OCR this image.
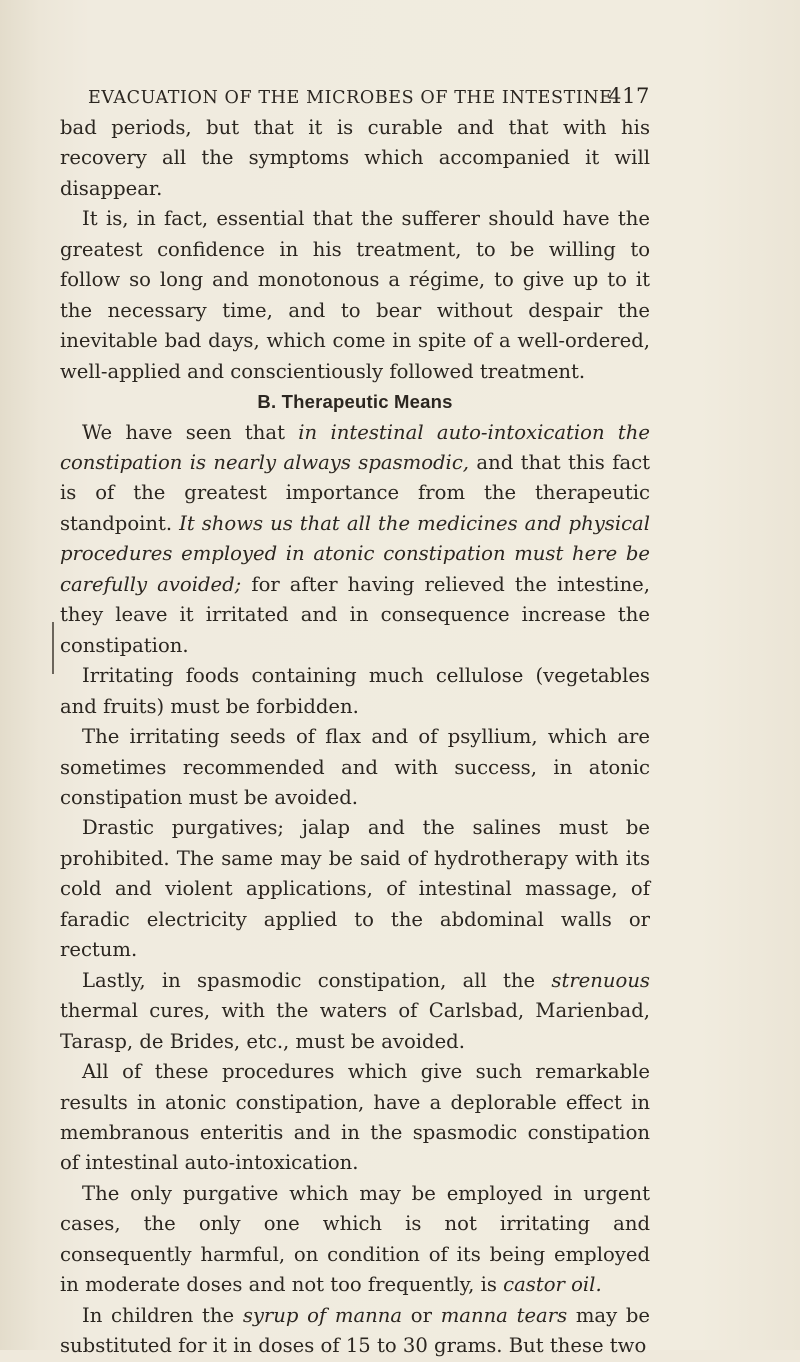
EVACUATION OF THE MICROBES OF THE INTESTINE
417

bad periods, but that it is curable and that with his recovery all the symptoms which accompanied it will disappear.

It is, in fact, essential that the sufferer should have the greatest confidence in his treatment, to be willing to follow so long and monotonous a régime, to give up to it the necessary time, and to bear without despair the inevitable bad days, which come in spite of a well-ordered, well-applied and conscientiously followed treatment.

B. Therapeutic Means

We have seen that in intestinal auto-intoxication the constipation is nearly always spasmodic, and that this fact is of the greatest importance from the therapeutic standpoint. It shows us that all the medicines and physical procedures employed in atonic constipation must here be carefully avoided; for after having relieved the intestine, they leave it irritated and in consequence increase the constipation.

Irritating foods containing much cellulose (vegetables and fruits) must be forbidden.

The irritating seeds of flax and of psyllium, which are sometimes recommended and with success, in atonic constipation must be avoided.

Drastic purgatives; jalap and the salines must be prohibited. The same may be said of hydrotherapy with its cold and violent applications, of intestinal massage, of faradic electricity applied to the abdominal walls or rectum.

Lastly, in spasmodic constipation, all the strenuous thermal cures, with the waters of Carlsbad, Marienbad, Tarasp, de Brides, etc., must be avoided.

All of these procedures which give such remarkable results in atonic constipation, have a deplorable effect in membranous enteritis and in the spasmodic constipation of intestinal auto-intoxication.

The only purgative which may be employed in urgent cases, the only one which is not irritating and consequently harmful, on condition of its being employed in moderate doses and not too frequently, is castor oil.

In children the syrup of manna or manna tears may be substituted for it in doses of 15 to 30 grams. But these two
